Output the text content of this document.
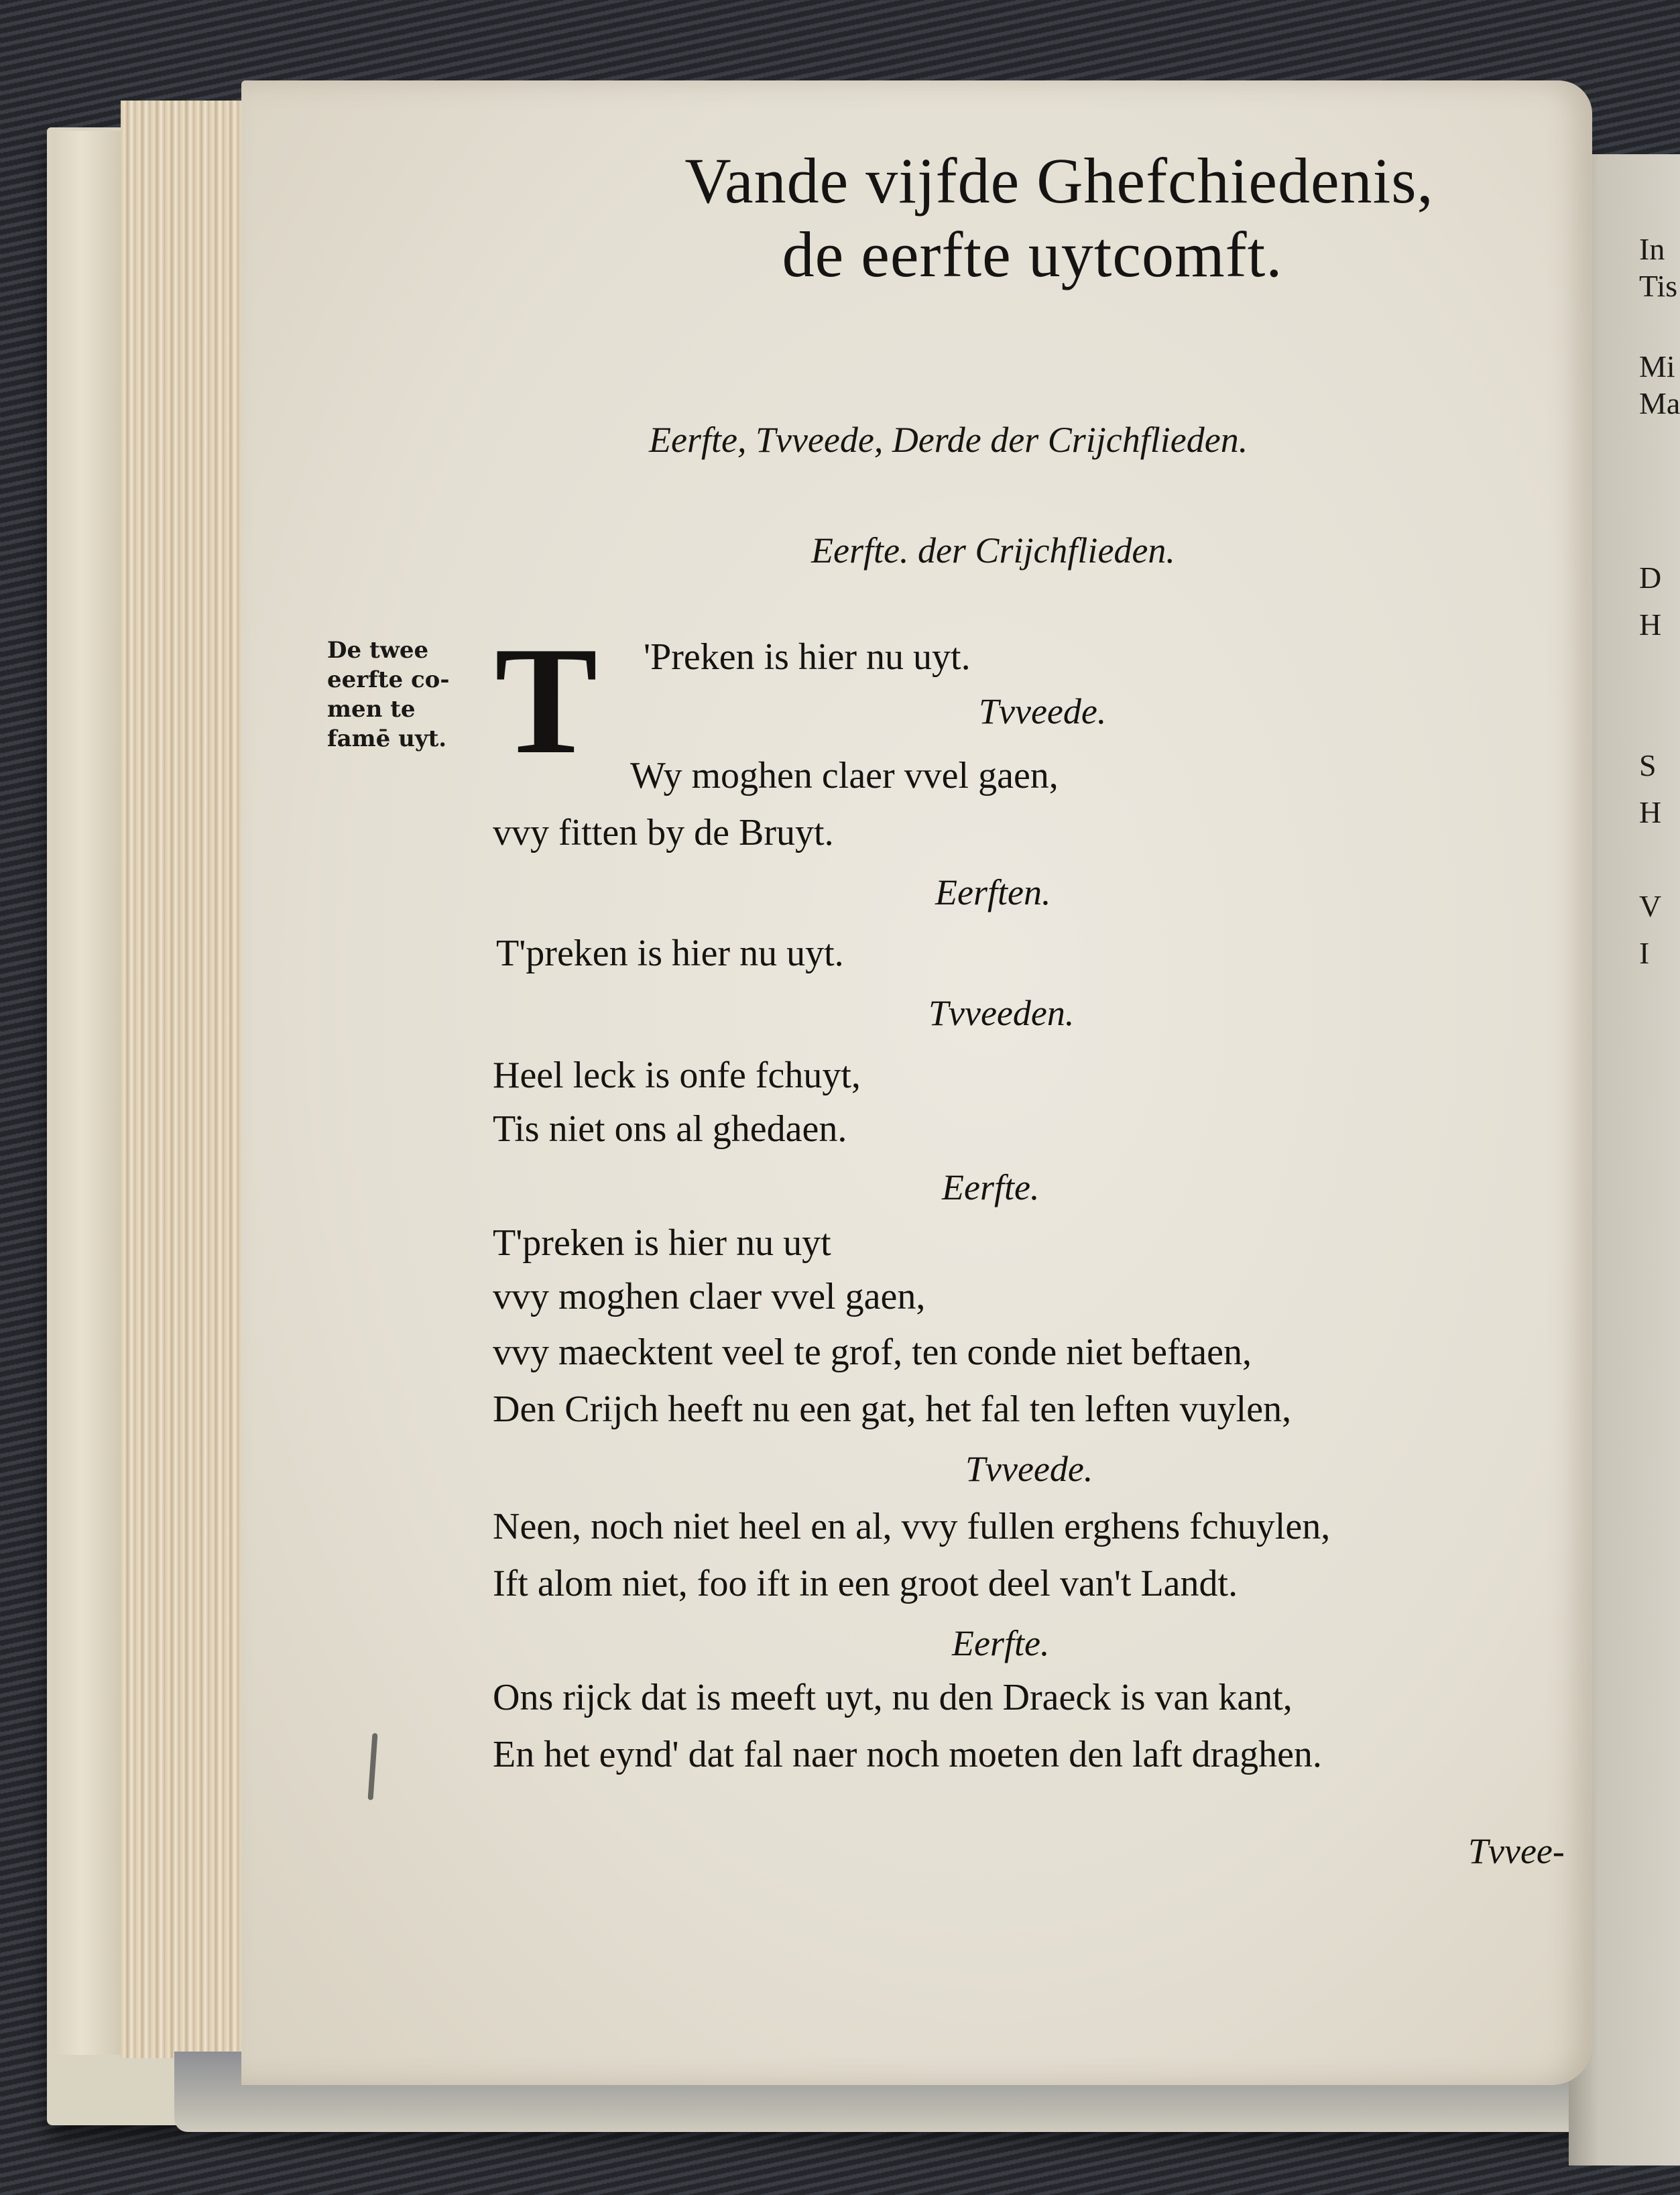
In
Tis
Mi
Ma
D
H
S
H
V
I
Vande vijfde Ghefchiedenis,
de eerfte uytcomft.
Eerfte, Tvveede, Derde der Crijchflieden.
Eerfte. der Crijchflieden.
De twee
eerfte co-
men te
famē uyt. T 'Preken is hier nu uyt.
Tvveede.
Wy moghen claer vvel gaen,
vvy fitten by de Bruyt.
Eerften.
T'preken is hier nu uyt.
Tvveeden.
Heel leck is onfe fchuyt,
Tis niet ons al ghedaen.
Eerfte.
T'preken is hier nu uyt
vvy moghen claer vvel gaen,
vvy maecktent veel te grof, ten conde niet beftaen,
Den Crijch heeft nu een gat, het fal ten leften vuylen,
Tvveede.
Neen, noch niet heel en al, vvy fullen erghens fchuylen,
Ift alom niet, foo ift in een groot deel van't Landt.
Eerfte.
Ons rijck dat is meeft uyt, nu den Draeck is van kant,
En het eynd' dat fal naer noch moeten den laft draghen.
Tvvee-
